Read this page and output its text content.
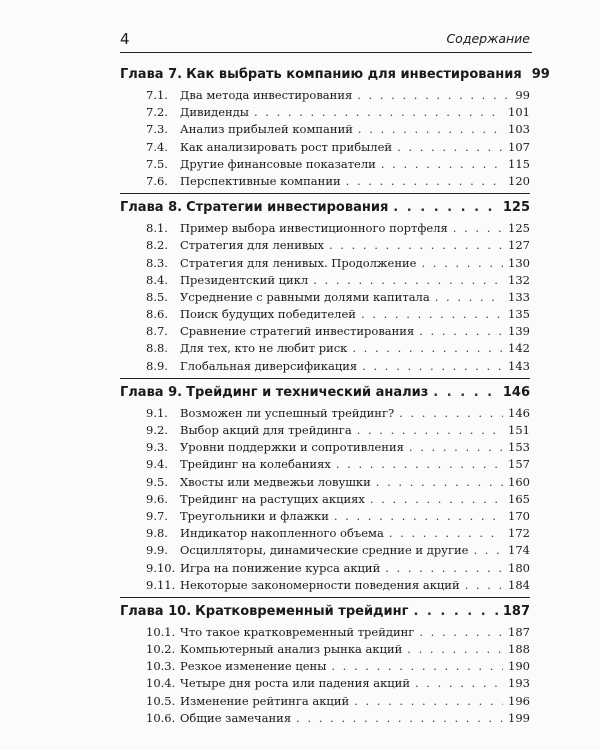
4	Содержание
Глава 7. Как выбрать компанию для инвестирования 99
7.1.	Два метода инвестирования . . .	99
7.2.	Дивиденды . . .	101
7.3.	Анализ прибылей компаний . . .	103
7.4.	Как анализировать рост прибылей . . .	107
7.5.	Другие финансовые показатели . . .	115
7.6.	Перспективные компании . . .	120
Глава 8. Стратегии инвестирования . . .	125
8.1.	Пример выбора инвестиционного портфеля . . .	125
8.2.	Стратегия для ленивых . . .	127
8.3.	Стратегия для ленивых. Продолжение . . .	130
8.4.	Президентский цикл . . .	132
8.5.	Усреднение с равными долями капитала . . .	133
8.6.	Поиск будущих победителей . . .	135
8.7.	Сравнение стратегий инвестирования . . .	139
8.8.	Для тех, кто не любит риск . . .	142
8.9.	Глобальная диверсификация . . .	143
Глава 9. Трейдинг и технический анализ . . .	146
9.1.	Возможен ли успешный трейдинг? . . .	146
9.2.	Выбор акций для трейдинга . . .	151
9.3.	Уровни поддержки и сопротивления . . .	153
9.4.	Трейдинг на колебаниях . . .	157
9.5.	Хвосты или медвежьи ловушки . . .	160
9.6.	Трейдинг на растущих акциях . . .	165
9.7.	Треугольники и флажки . . .	170
9.8.	Индикатор накопленного объема . . .	172
9.9.	Осцилляторы, динамические средние и другие . . .	174
9.10. Игра на понижение курса акций . . .	180
9.11. Некоторые закономерности поведения акций . . .	184
Глава 10. Кратковременный трейдинг . . .	187
10.1. Что такое кратковременный трейдинг . . .	187
10.2. Компьютерный анализ рынка акций . . .	188
10.3. Резкое изменение цены . . .	190
10.4. Четыре дня роста или падения акций . . .	193
10.5. Изменение рейтинга акций . . .	196
10.6. Общие замечания . . .	199
